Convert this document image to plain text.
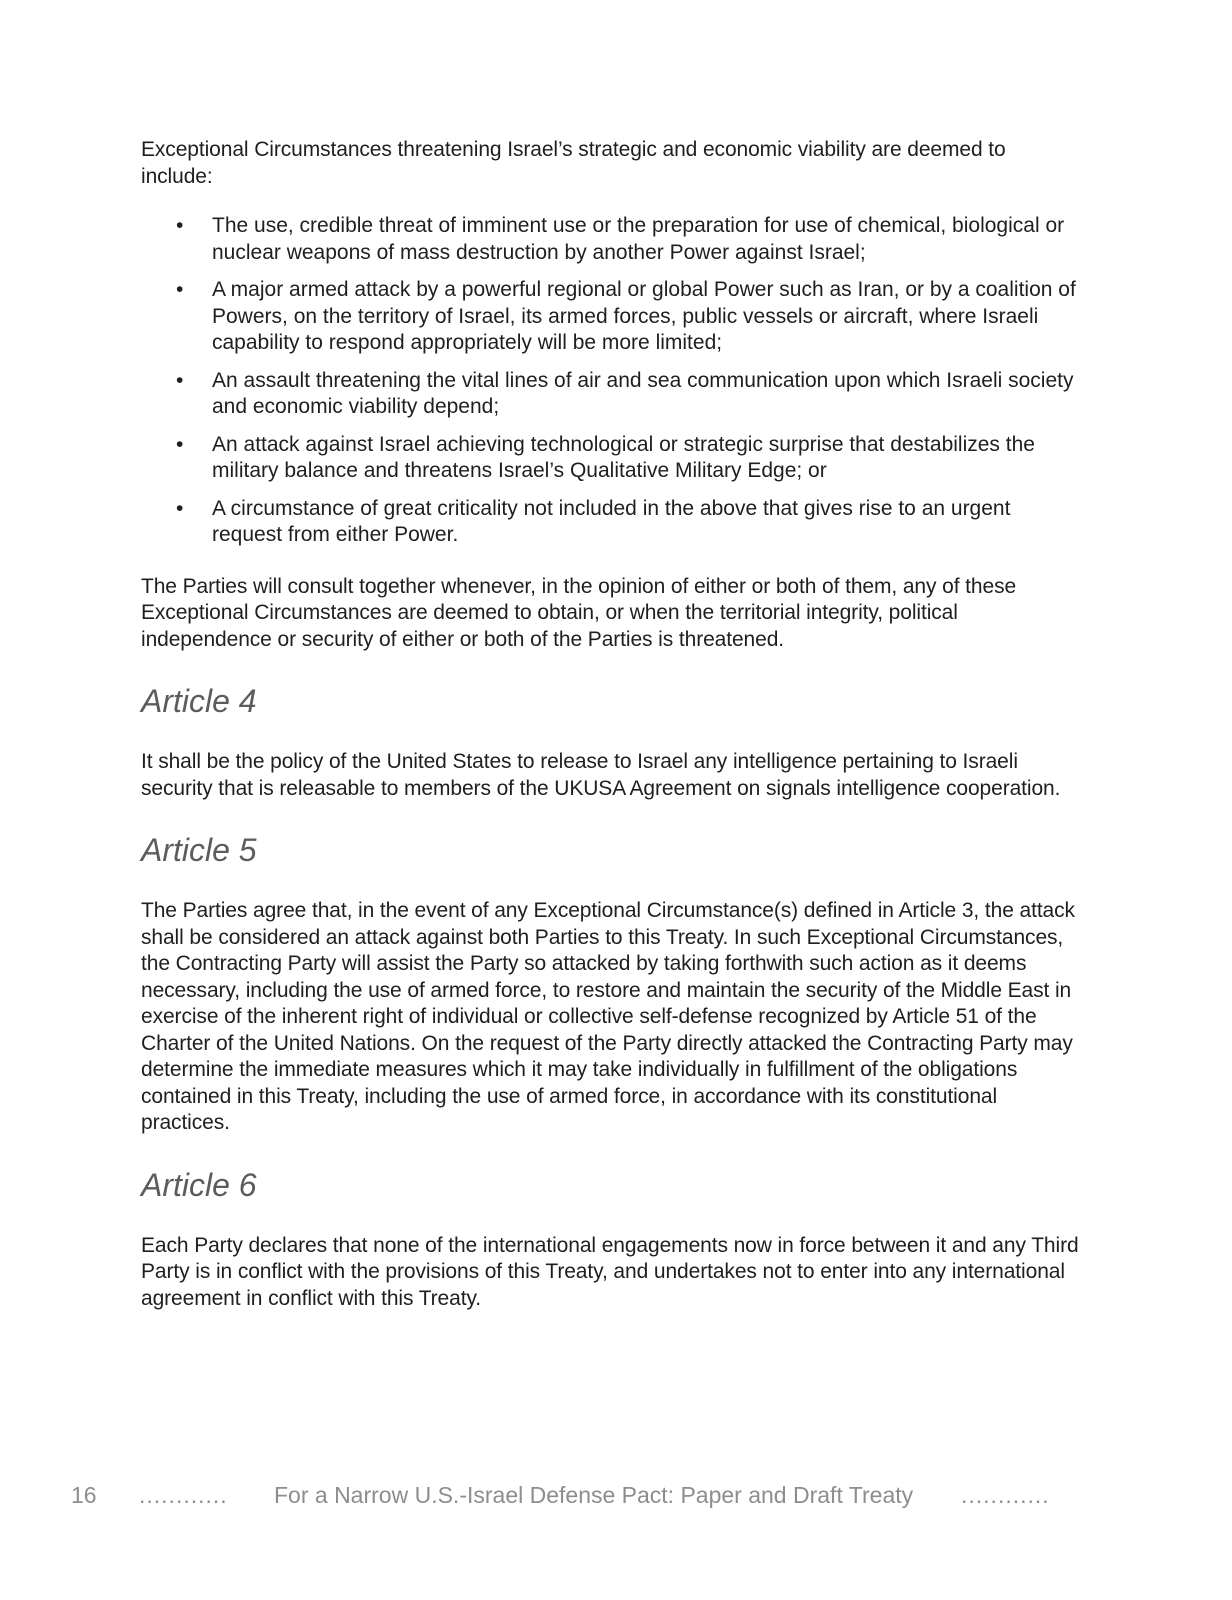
Exceptional Circumstances threatening Israel’s strategic and economic viability are deemed to include:

• The use, credible threat of imminent use or the preparation for use of chemical, biological or nuclear weapons of mass destruction by another Power against Israel;
• A major armed attack by a powerful regional or global Power such as Iran, or by a coalition of Powers, on the territory of Israel, its armed forces, public vessels or aircraft, where Israeli capability to respond appropriately will be more limited;
• An assault threatening the vital lines of air and sea communication upon which Israeli society and economic viability depend;
• An attack against Israel achieving technological or strategic surprise that destabilizes the military balance and threatens Israel’s Qualitative Military Edge; or
• A circumstance of great criticality not included in the above that gives rise to an urgent request from either Power.

The Parties will consult together whenever, in the opinion of either or both of them, any of these Exceptional Circumstances are deemed to obtain, or when the territorial integrity, political independence or security of either or both of the Parties is threatened.

Article 4

It shall be the policy of the United States to release to Israel any intelligence pertaining to Israeli security that is releasable to members of the UKUSA Agreement on signals intelligence cooperation.

Article 5

The Parties agree that, in the event of any Exceptional Circumstance(s) defined in Article 3, the attack shall be considered an attack against both Parties to this Treaty. In such Exceptional Circumstances, the Contracting Party will assist the Party so attacked by taking forthwith such action as it deems necessary, including the use of armed force, to restore and maintain the security of the Middle East in exercise of the inherent right of individual or collective self-defense recognized by Article 51 of the Charter of the United Nations. On the request of the Party directly attacked the Contracting Party may determine the immediate measures which it may take individually in fulfillment of the obligations contained in this Treaty, including the use of armed force, in accordance with its constitutional practices.

Article 6

Each Party declares that none of the international engagements now in force between it and any Third Party is in conflict with the provisions of this Treaty, and undertakes not to enter into any international agreement in conflict with this Treaty.

16 ............ For a Narrow U.S.-Israel Defense Pact: Paper and Draft Treaty ............
